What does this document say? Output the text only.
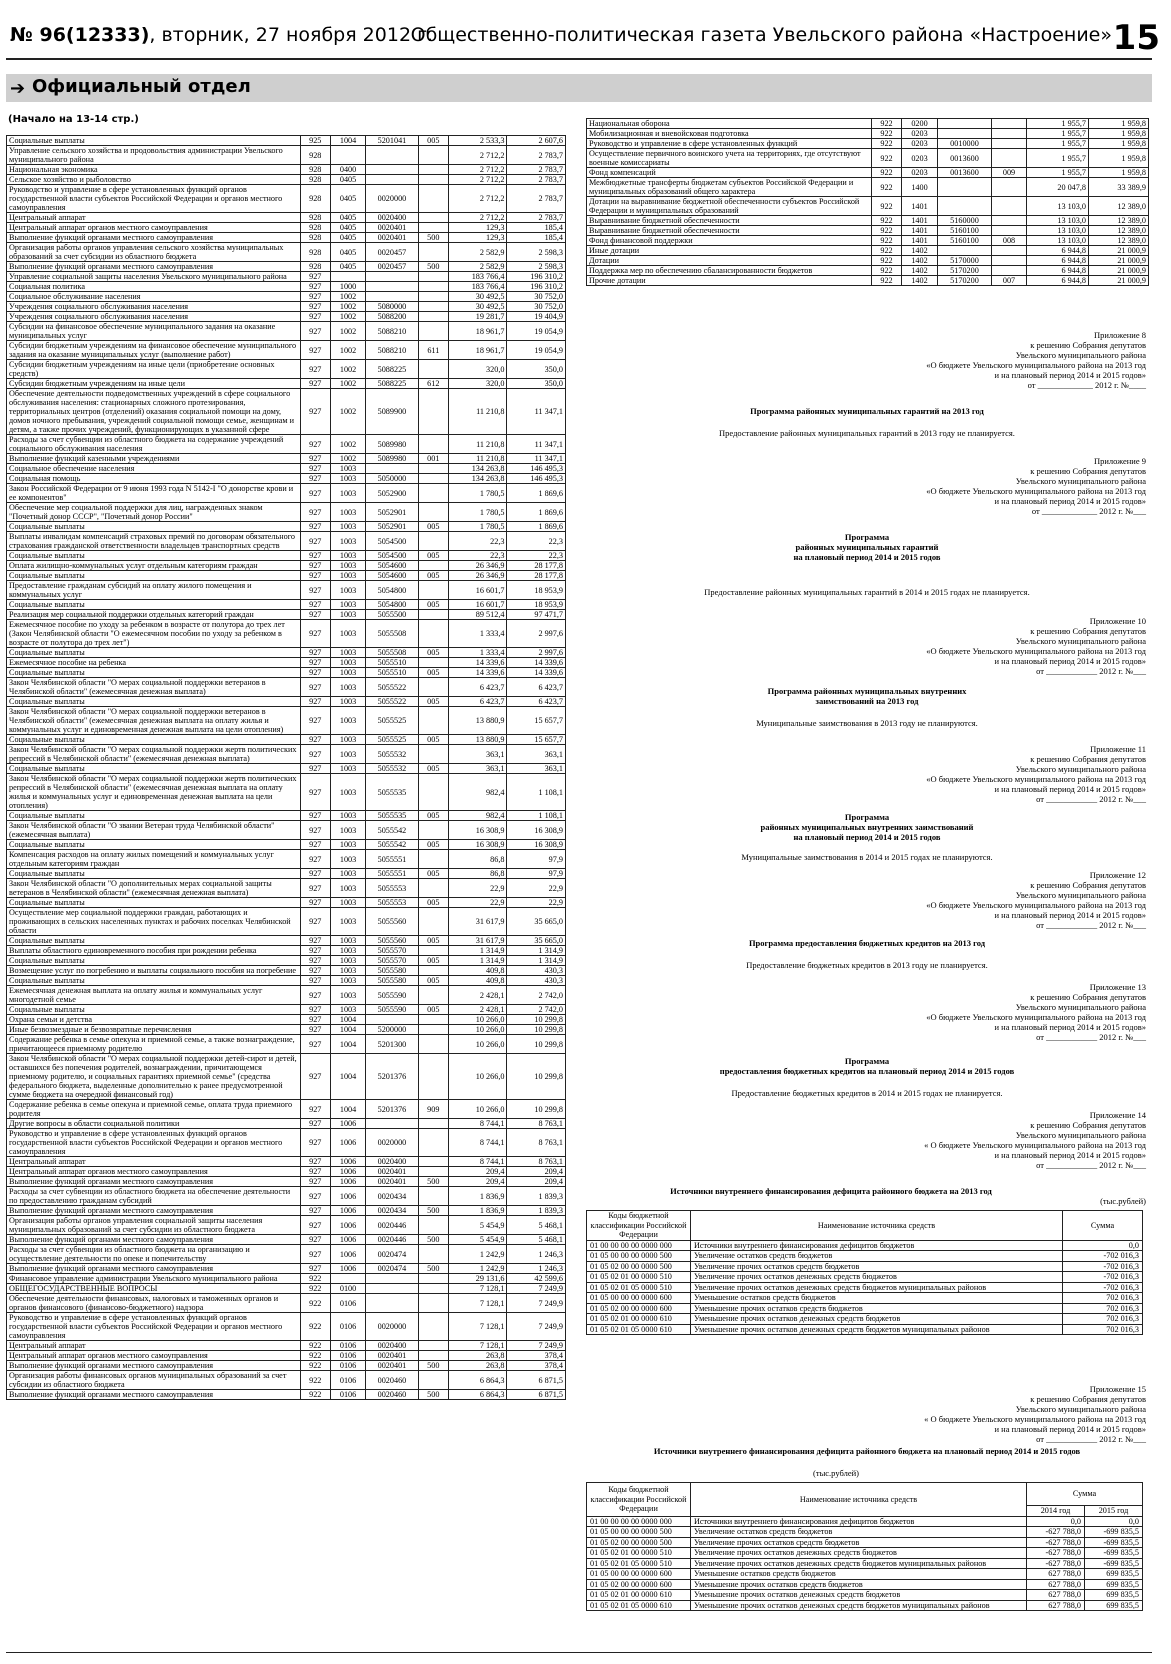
№ 96(12333), вторник, 27 ноября 2012 г.
Общественно-политическая газета Увельского района «Настроение» 15
➔ Официальный отдел
(Начало на 13-14 стр.)
Социальные выплаты	925	1004	5201041	005	2 533,3	2 607,6
Управление сельского хозяйства и продовольствия администрации Увельского муниципального района	928				2 712,2	2 783,7
Национальная экономика	928	0400			2 712,2	2 783,7
Сельское хозяйство и рыболовство	928	0405			2 712,2	2 783,7
Руководство и управление в сфере установленных функций органов государственной власти субъектов Российской Федерации и органов местного самоуправления	928	0405	0020000		2 712,2	2 783,7
Центральный аппарат	928	0405	0020400		2 712,2	2 783,7
Центральный аппарат органов местного самоуправления	928	0405	0020401		129,3	185,4
Выполнение функций органами местного самоуправления	928	0405	0020401	500	129,3	185,4
Организация работы органов управления сельского хозяйства муниципальных образований за счет субсидии из областного бюджета	928	0405	0020457		2 582,9	2 598,3
Выполнение функций органами местного самоуправления	928	0405	0020457	500	2 582,9	2 598,3
Управление социальной защиты населения Увельского муниципального района	927				183 766,4	196 310,2
Социальная политика	927	1000			183 766,4	196 310,2
Социальное обслуживание населения	927	1002			30 492,5	30 752,0
Учреждения социального обслуживания населения	927	1002	5080000		30 492,5	30 752,0
Учреждения социального обслуживания населения	927	1002	5088200		19 281,7	19 404,9
Субсидии на финансовое обеспечение муниципального задания на оказание муниципальных услуг	927	1002	5088210		18 961,7	19 054,9
Субсидии бюджетным учреждениям на финансовое обеспечение муниципального задания на оказание муниципальных услуг (выполнение работ)	927	1002	5088210	611	18 961,7	19 054,9
Субсидии бюджетным учреждениям на иные цели (приобретение основных средств)	927	1002	5088225		320,0	350,0
Субсидии бюджетным учреждениям на иные цели	927	1002	5088225	612	320,0	350,0
Обеспечение деятельности подведомственных учреждений в сфере социального обслуживания населения: стационарных сложного протезирования, территориальных центров (отделений) оказания социальной помощи на дому, домов ночного пребывания, учреждений социальной помощи семье, женщинам и детям, а также прочих учреждений, функционирующих в указанной сфере	927	1002	5089900		11 210,8	11 347,1
Расходы за счет субвенции из областного бюджета на содержание учреждений социального обслуживания населения	927	1002	5089980		11 210,8	11 347,1
Выполнение функций казенными учреждениями	927	1002	5089980	001	11 210,8	11 347,1
Социальное обеспечение населения	927	1003			134 263,8	146 495,3
Социальная помощь	927	1003	5050000		134 263,8	146 495,3
Закон Российской Федерации от 9 июня 1993 года N 5142-I "О донорстве крови и ее компонентов"	927	1003	5052900		1 780,5	1 869,6
Обеспечение мер социальной поддержки для лиц, награжденных знаком "Почетный донор СССР", "Почетный донор России"	927	1003	5052901		1 780,5	1 869,6
Социальные выплаты	927	1003	5052901	005	1 780,5	1 869,6
Выплаты инвалидам компенсаций страховых премий по договорам обязательного страхования гражданской ответственности владельцев транспортных средств	927	1003	5054500		22,3	22,3
Социальные выплаты	927	1003	5054500	005	22,3	22,3
Оплата жилищно-коммунальных услуг отдельным категориям граждан	927	1003	5054600		26 346,9	28 177,8
Социальные выплаты	927	1003	5054600	005	26 346,9	28 177,8
Предоставление гражданам субсидий на оплату жилого помещения и коммунальных услуг	927	1003	5054800		16 601,7	18 953,9
Социальные выплаты	927	1003	5054800	005	16 601,7	18 953,9
Реализация мер социальной поддержки отдельных категорий граждан	927	1003	5055500		89 512,4	97 471,7
Ежемесячное пособие по уходу за ребенком в возрасте от полутора до трех лет (Закон Челябинской области "О ежемесячном пособии по уходу за ребенком в возрасте от полутора до трех лет")	927	1003	5055508		1 333,4	2 997,6
Социальные выплаты	927	1003	5055508	005	1 333,4	2 997,6
Ежемесячное пособие на ребенка	927	1003	5055510		14 339,6	14 339,6
Социальные выплаты	927	1003	5055510	005	14 339,6	14 339,6
Закон Челябинской области "О мерах социальной поддержки ветеранов в Челябинской области" (ежемесячная денежная выплата)	927	1003	5055522		6 423,7	6 423,7
Социальные выплаты	927	1003	5055522	005	6 423,7	6 423,7
Закон Челябинской области "О мерах социальной поддержки ветеранов в Челябинской области" (ежемесячная денежная выплата на оплату жилья и коммунальных услуг и единовременная денежная выплата на цели отопления)	927	1003	5055525		13 880,9	15 657,7
Социальные выплаты	927	1003	5055525	005	13 880,9	15 657,7
Закон Челябинской области "О мерах социальной поддержки жертв политических репрессий в Челябинской области" (ежемесячная денежная выплата)	927	1003	5055532		363,1	363,1
Социальные выплаты	927	1003	5055532	005	363,1	363,1
Закон Челябинской области "О мерах социальной поддержки жертв политических репрессий в Челябинской области" (ежемесячная денежная выплата на оплату жилья и коммунальных услуг и единовременная денежная выплата на цели отопления)	927	1003	5055535		982,4	1 108,1
Социальные выплаты	927	1003	5055535	005	982,4	1 108,1
Закон Челябинской области "О звании Ветеран труда Челябинской области" (ежемесячная выплата)	927	1003	5055542		16 308,9	16 308,9
Социальные выплаты	927	1003	5055542	005	16 308,9	16 308,9
Компенсация расходов на оплату жилых помещений и коммунальных услуг отдельным категориям граждан	927	1003	5055551		86,8	97,9
Социальные выплаты	927	1003	5055551	005	86,8	97,9
Закон Челябинской области "О дополнительных мерах социальной защиты ветеранов в Челябинской области" (ежемесячная денежная выплата)	927	1003	5055553		22,9	22,9
Социальные выплаты	927	1003	5055553	005	22,9	22,9
Осуществление мер социальной поддержки граждан, работающих и проживающих в сельских населенных пунктах и рабочих поселках Челябинской области	927	1003	5055560		31 617,9	35 665,0
Социальные выплаты	927	1003	5055560	005	31 617,9	35 665,0
Выплаты областного единовременного пособия при рождении ребенка	927	1003	5055570		1 314,9	1 314,9
Социальные выплаты	927	1003	5055570	005	1 314,9	1 314,9
Возмещение услуг по погребению и выплаты социального пособия на погребение	927	1003	5055580		409,8	430,3
Социальные выплаты	927	1003	5055580	005	409,8	430,3
Ежемесячная денежная выплата на оплату жилья и коммунальных услуг многодетной семье	927	1003	5055590		2 428,1	2 742,0
Социальные выплаты	927	1003	5055590	005	2 428,1	2 742,0
Охрана семьи и детства	927	1004			10 266,0	10 299,8
Иные безвозмездные и безвозвратные перечисления	927	1004	5200000		10 266,0	10 299,8
Содержание ребенка в семье опекуна и приемной семье, а также вознаграждение, причитающееся приемному родителю	927	1004	5201300		10 266,0	10 299,8
Закон Челябинской области "О мерах социальной поддержки детей-сирот и детей, оставшихся без попечения родителей, вознаграждении, причитающемся приемному родителю, и социальных гарантиях приемной семье" (средства федерального бюджета, выделенные дополнительно к ранее предусмотренной сумме бюджета на очередной финансовый год)	927	1004	5201376		10 266,0	10 299,8
Содержание ребенка в семье опекуна и приемной семье, оплата труда приемного родителя	927	1004	5201376	909	10 266,0	10 299,8
Другие вопросы в области социальной политики	927	1006			8 744,1	8 763,1
Руководство и управление в сфере установленных функций органов государственной власти субъектов Российской Федерации и органов местного самоуправления	927	1006	0020000		8 744,1	8 763,1
Центральный аппарат	927	1006	0020400		8 744,1	8 763,1
Центральный аппарат органов местного самоуправления	927	1006	0020401		209,4	209,4
Выполнение функций органами местного самоуправления	927	1006	0020401	500	209,4	209,4
Расходы за счет субвенции из областного бюджета на обеспечение деятельности по предоставлению гражданам субсидий	927	1006	0020434		1 836,9	1 839,3
Выполнение функций органами местного самоуправления	927	1006	0020434	500	1 836,9	1 839,3
Организация работы органов управления социальной защиты населения муниципальных образований за счет субсидии из областного бюджета	927	1006	0020446		5 454,9	5 468,1
Выполнение функций органами местного самоуправления	927	1006	0020446	500	5 454,9	5 468,1
Расходы за счет субвенции из областного бюджета на организацию и осуществление деятельности по опеке и попечительству	927	1006	0020474		1 242,9	1 246,3
Выполнение функций органами местного самоуправления	927	1006	0020474	500	1 242,9	1 246,3
Финансовое управление администрации Увельского муниципального района	922				29 131,6	42 599,6
ОБЩЕГОСУДАРСТВЕННЫЕ ВОПРОСЫ	922	0100			7 128,1	7 249,9
Обеспечение деятельности финансовых, налоговых и таможенных органов и органов финансового (финансово-бюджетного) надзора	922	0106			7 128,1	7 249,9
Руководство и управление в сфере установленных функций органов государственной власти субъектов Российской Федерации и органов местного самоуправления	922	0106	0020000		7 128,1	7 249,9
Центральный аппарат	922	0106	0020400		7 128,1	7 249,9
Центральный аппарат органов местного самоуправления	922	0106	0020401		263,8	378,4
Выполнение функций органами местного самоуправления	922	0106	0020401	500	263,8	378,4
Организация работы финансовых органов муниципальных образований за счет субсидии из областного бюджета	922	0106	0020460		6 864,3	6 871,5
Выполнение функций органами местного самоуправления	922	0106	0020460	500	6 864,3	6 871,5
Национальная оборона	922	0200			1 955,7	1 959,8
Мобилизационная и вневойсковая подготовка	922	0203			1 955,7	1 959,8
Руководство и управление в сфере установленных функций	922	0203	0010000		1 955,7	1 959,8
Осуществление первичного воинского учета на территориях, где отсутствуют военные комиссариаты	922	0203	0013600		1 955,7	1 959,8
Фонд компенсаций	922	0203	0013600	009	1 955,7	1 959,8
Межбюджетные трансферты бюджетам субъектов Российской Федерации и муниципальных образований общего характера	922	1400			20 047,8	33 389,9
Дотации на выравнивание бюджетной обеспеченности субъектов Российской Федерации и муниципальных образований	922	1401			13 103,0	12 389,0
Выравнивание бюджетной обеспеченности	922	1401	5160000		13 103,0	12 389,0
Выравнивание бюджетной обеспеченности	922	1401	5160100		13 103,0	12 389,0
Фонд финансовой поддержки	922	1401	5160100	008	13 103,0	12 389,0
Иные дотации	922	1402			6 944,8	21 000,9
Дотации	922	1402	5170000		6 944,8	21 000,9
Поддержка мер по обеспечению сбалансированности бюджетов	922	1402	5170200		6 944,8	21 000,9
Прочие дотации	922	1402	5170200	007	6 944,8	21 000,9
Приложение 8
к решению Собрания депутатов
Увельского муниципального района
«О бюджете Увельского муниципального района на 2013 год
и на плановый период 2014 и 2015 годов»
от _____________ 2012 г. №____
Программа районных муниципальных гарантий на 2013 год
Предоставление районных муниципальных гарантий в 2013 году не планируется.
Приложение 9
к решению Собрания депутатов
Увельского муниципального района
«О бюджете Увельского муниципального района на 2013 год
и на плановый период 2014 и 2015 годов»
от _____________ 2012 г. №___
Программа
районных муниципальных гарантий
на плановый период 2014 и 2015 годов
Предоставление районных муниципальных гарантий в 2014 и 2015 годах не планируется.
Приложение 10
к решению Собрания депутатов
Увельского муниципального района
«О бюджете Увельского муниципального района на 2013 год
и на плановый период 2014 и 2015 годов»
от ____________ 2012 г. №___
Программа районных муниципальных внутренних
заимствований на 2013 год
Муниципальные заимствования в 2013 году не планируются.
Приложение 11
к решению Собрания депутатов
Увельского муниципального района
«О бюджете Увельского муниципального района на 2013 год
и на плановый период 2014 и 2015 годов»
от ____________ 2012 г. №___
Программа
районных муниципальных внутренних заимствований
на плановый период 2014 и 2015 годов
Муниципальные заимствования в 2014 и 2015 годах не планируются.
Приложение 12
к решению Собрания депутатов
Увельского муниципального района
«О бюджете Увельского муниципального района на 2013 год
и на плановый период 2014 и 2015 годов»
от ____________ 2012 г. №___
Программа предоставления бюджетных кредитов на 2013 год
Предоставление бюджетных кредитов в 2013 году не планируется.
Приложение 13
к решению Собрания депутатов
Увельского муниципального района
«О бюджете Увельского муниципального района на 2013 год
и на плановый период 2014 и 2015 годов»
от ____________ 2012 г. №___
Программа
предоставления бюджетных кредитов на плановый период 2014 и 2015 годов
Предоставление бюджетных кредитов в 2014 и 2015 годах не планируется.
Приложение 14
к решению Собрания депутатов
Увельского муниципального района
« О бюджете Увельского муниципального района на 2013 год
и на плановый период 2014 и 2015 годов»
от ____________ 2012 г. №___
Источники внутреннего финансирования дефицита районного бюджета на 2013 год
(тыс.рублей)
Коды бюджетной классификации Российской Федерации	Наименование источника средств	Сумма
01 00 00 00 00 0000 000	Источники внутреннего финансирования дефицитов бюджетов	0,0
01 05 00 00 00 0000 500	Увеличение остатков средств бюджетов	-702 016,3
01 05 02 00 00 0000 500	Увеличение прочих остатков средств бюджетов	-702 016,3
01 05 02 01 00 0000 510	Увеличение прочих остатков денежных средств бюджетов	-702 016,3
01 05 02 01 05 0000 510	Увеличение прочих остатков денежных средств бюджетов муниципальных районов	-702 016,3
01 05 00 00 00 0000 600	Уменьшение остатков средств бюджетов	702 016,3
01 05 02 00 00 0000 600	Уменьшение прочих остатков средств бюджетов	702 016,3
01 05 02 01 00 0000 610	Уменьшение прочих остатков денежных средств бюджетов	702 016,3
01 05 02 01 05 0000 610	Уменьшение прочих остатков денежных средств бюджетов муниципальных районов	702 016,3
Приложение 15
к решению Собрания депутатов
Увельского муниципального района
« О бюджете Увельского муниципального района на 2013 год
и на плановый период 2014 и 2015 годов»
от ____________ 2012 г. №___
Источники внутреннего финансирования дефицита районного бюджета на плановый период 2014 и 2015 годов
(тыс.рублей)
Коды бюджетной классификации Российской Федерации	Наименование источника средств	Сумма	
		2014 год	2015 год
01 00 00 00 00 0000 000	Источники внутреннего финансирования дефицитов бюджетов	0,0	0,0
01 05 00 00 00 0000 500	Увеличение остатков средств бюджетов	-627 788,0	-699 835,5
01 05 02 00 00 0000 500	Увеличение прочих остатков средств бюджетов	-627 788,0	-699 835,5
01 05 02 01 00 0000 510	Увеличение прочих остатков денежных средств бюджетов	-627 788,0	-699 835,5
01 05 02 01 05 0000 510	Увеличение прочих остатков денежных средств бюджетов муниципальных районов	-627 788,0	-699 835,5
01 05 00 00 00 0000 600	Уменьшение остатков средств бюджетов	627 788,0	699 835,5
01 05 02 00 00 0000 600	Уменьшение прочих остатков средств бюджетов	627 788,0	699 835,5
01 05 02 01 00 0000 610	Уменьшение прочих остатков денежных средств бюджетов	627 788,0	699 835,5
01 05 02 01 05 0000 610	Уменьшение прочих остатков денежных средств бюджетов муниципальных районов	627 788,0	699 835,5
